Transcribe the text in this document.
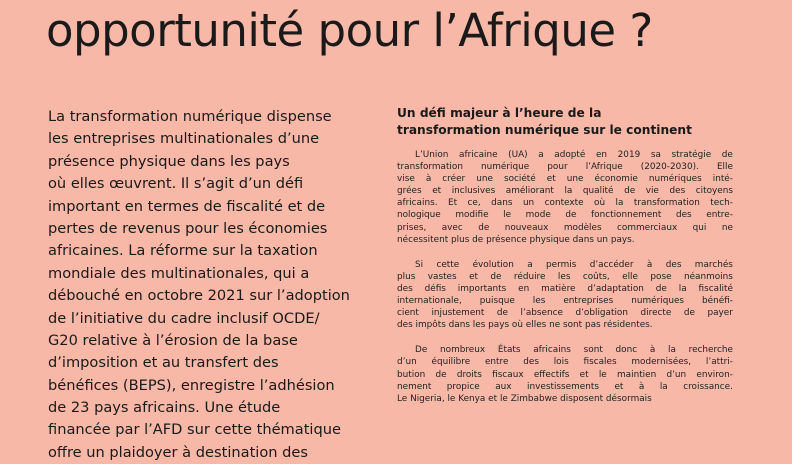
opportunité pour l’Afrique ?
La transformation numérique dispense
les entreprises multinationales d’une
présence physique dans les pays
où elles œuvrent. Il s’agit d’un défi
important en termes de fiscalité et de
pertes de revenus pour les économies
africaines. La réforme sur la taxation
mondiale des multinationales, qui a
débouché en octobre 2021 sur l’adoption
de l’initiative du cadre inclusif OCDE/
G20 relative à l’érosion de la base
d’imposition et au transfert des
bénéfices (BEPS), enregistre l’adhésion
de 23 pays africains. Une étude
financée par l’AFD sur cette thématique
offre un plaidoyer à destination des
Un défi majeur à l’heure de la
transformation numérique sur le continent
L’Union africaine (UA) a adopté en 2019 sa stratégie de
transformation numérique pour l’Afrique (2020-2030). Elle
vise à créer une société et une économie numériques inté-
grées et inclusives améliorant la qualité de vie des citoyens
africains. Et ce, dans un contexte où la transformation tech-
nologique modifie le mode de fonctionnement des entre-
prises, avec de nouveaux modèles commerciaux qui ne
nécessitent plus de présence physique dans un pays.
Si cette évolution a permis d’accéder à des marchés
plus vastes et de réduire les coûts, elle pose néanmoins
des défis importants en matière d’adaptation de la fiscalité
internationale, puisque les entreprises numériques bénéfi-
cient injustement de l’absence d’obligation directe de payer
des impôts dans les pays où elles ne sont pas résidentes.
De nombreux États africains sont donc à la recherche
d’un équilibre entre des lois fiscales modernisées, l’attri-
bution de droits fiscaux effectifs et le maintien d’un environ-
nement propice aux investissements et à la croissance.
Le Nigeria, le Kenya et le Zimbabwe disposent désormais
